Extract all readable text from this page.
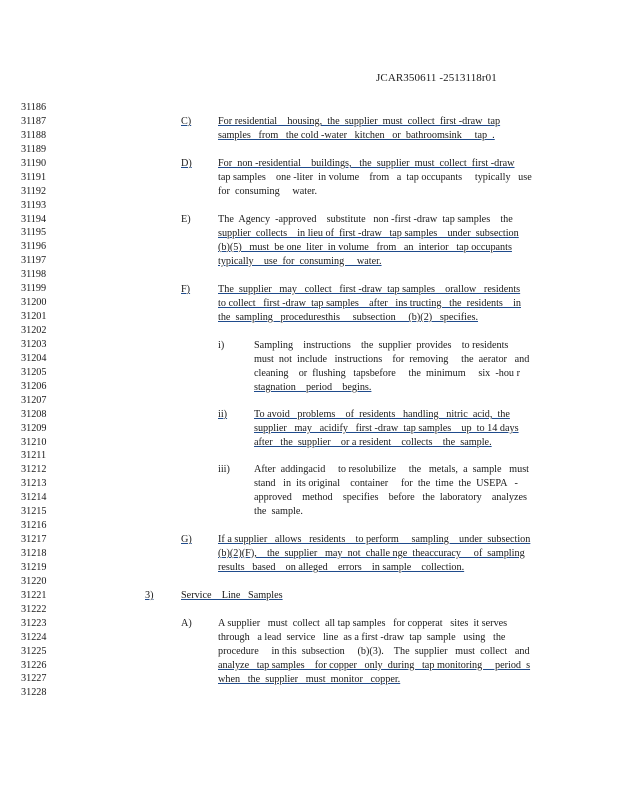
JCAR350611 -2513118r01
31186
31187
31188
31189
31190
31191
31192
31193
31194
31195
31196
31197
31198
31199
31200
31201
31202
31203
31204
31205
31206
31207
31208
31209
31210
31211
31212
31213
31214
31215
31216
31217
31218
31219
31220
31221
31222
31223
31224
31225
31226
31227
31228
C)	For residential    housing,  the  supplier  must  collect  first -draw  tap
samples   from   the cold -water   kitchen   or  bathroomsink     tap  .
D)	For  non -residential    buildings,   the  supplier  must  collect  first -draw
tap samples    one -liter  in volume    from   a  tap occupants     typically   use
for  consuming     water.
E)	The  Agency  -approved    substitute   non -first -draw  tap samples    the
supplier  collects    in lieu of  first -draw   tap samples    under  subsection
(b)(5)   must  be one  liter  in volume   from   an  interior   tap occupants
typically    use  for  consuming     water.
F)	The  supplier   may   collect   first -draw  tap samples    orallow   residents
to collect   first -draw  tap samples    after   ins tructing   the  residents    in
the  sampling   proceduresthis     subsection     (b)(2)   specifies.
i)	Sampling    instructions    the  supplier  provides    to residents
must  not  include   instructions    for  removing     the  aerator   and
cleaning    or  flushing   tapsbefore     the  minimum     six  -hou r
stagnation    period    begins.
ii)	To avoid   problems    of  residents   handling   nitric  acid,  the
supplier   may   acidify   first -draw  tap samples    up  to 14 days
after   the  supplier    or a resident    collects    the  sample.
iii) After  addingacid     to resolubilize     the   metals,  a  sample   must
stand   in  its original    container     for  the  time  the  USEPA   -
approved    method    specifies    before   the  laboratory    analyzes
the  sample.
G)	If a supplier   allows   residents    to perform     sampling    under  subsection
(b)(2)(F),    the  supplier   may  not  challe nge  theaccuracy     of  sampling
results   based    on alleged    errors    in sample    collection.
3)	Service    Line   Samples
A)	A supplier   must  collect  all tap samples   for copperat   sites  it serves
through   a lead  service   line  as a first -draw  tap  sample   using   the
procedure     in this  subsection     (b)(3).    The  supplier   must  collect   and
analyze   tap samples    for copper   only  during   tap monitoring     period  s
when   the  supplier   must  monitor   copper.
